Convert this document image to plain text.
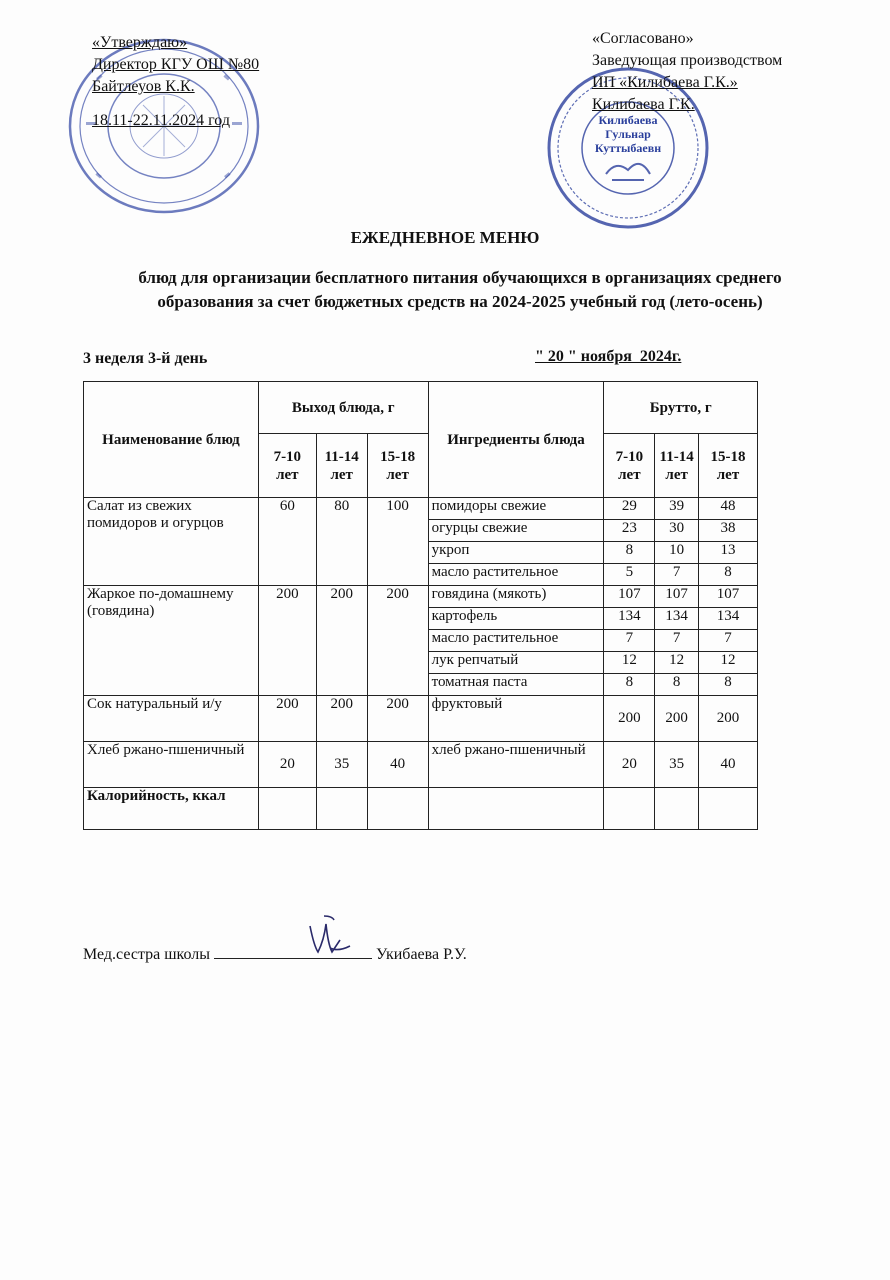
«Утверждаю»
Директор КГУ ОШ №80
Байтлеуов К.К.
18.11-22.11.2024 год	Килибаева
Гульнар
Куттыбаевн
«Согласовано»
Заведующая производством
ИП «Килибаева Г.К.»
Килибаева Г.К.
ЕЖЕДНЕВНОЕ МЕНЮ
блюд для организации бесплатного питания обучающихся в организациях среднего образования за счет бюджетных средств на 2024-2025 учебный год (лето-осень)
3 неделя 3-й день	" 20 " ноября  2024г.
Наименование блюд	Выход блюда, г			Ингредиенты блюда	Брутто, г		
	7-10 лет	11-14 лет	15-18 лет		7-10 лет	11-14 лет	15-18 лет
Салат из свежих помидоров и огурцов	60	80	100	помидоры свежие	29	39	48
				огурцы свежие	23	30	38
				укроп	8	10	13
				масло растительное	5	7	8
Жаркое по-домашнему (говядина)	200	200	200	говядина (мякоть)	107	107	107
				картофель	134	134	134
				масло растительное	7	7	7
				лук репчатый	12	12	12
				томатная паста	8	8	8
Сок натуральный и/у	200	200	200	фруктовый	200	200	200
Хлеб ржано-пшеничный	20	35	40	хлеб ржано-пшеничный	20	35	40
Калорийность, ккал							
Мед.сестра школы	Укибаева Р.У.
